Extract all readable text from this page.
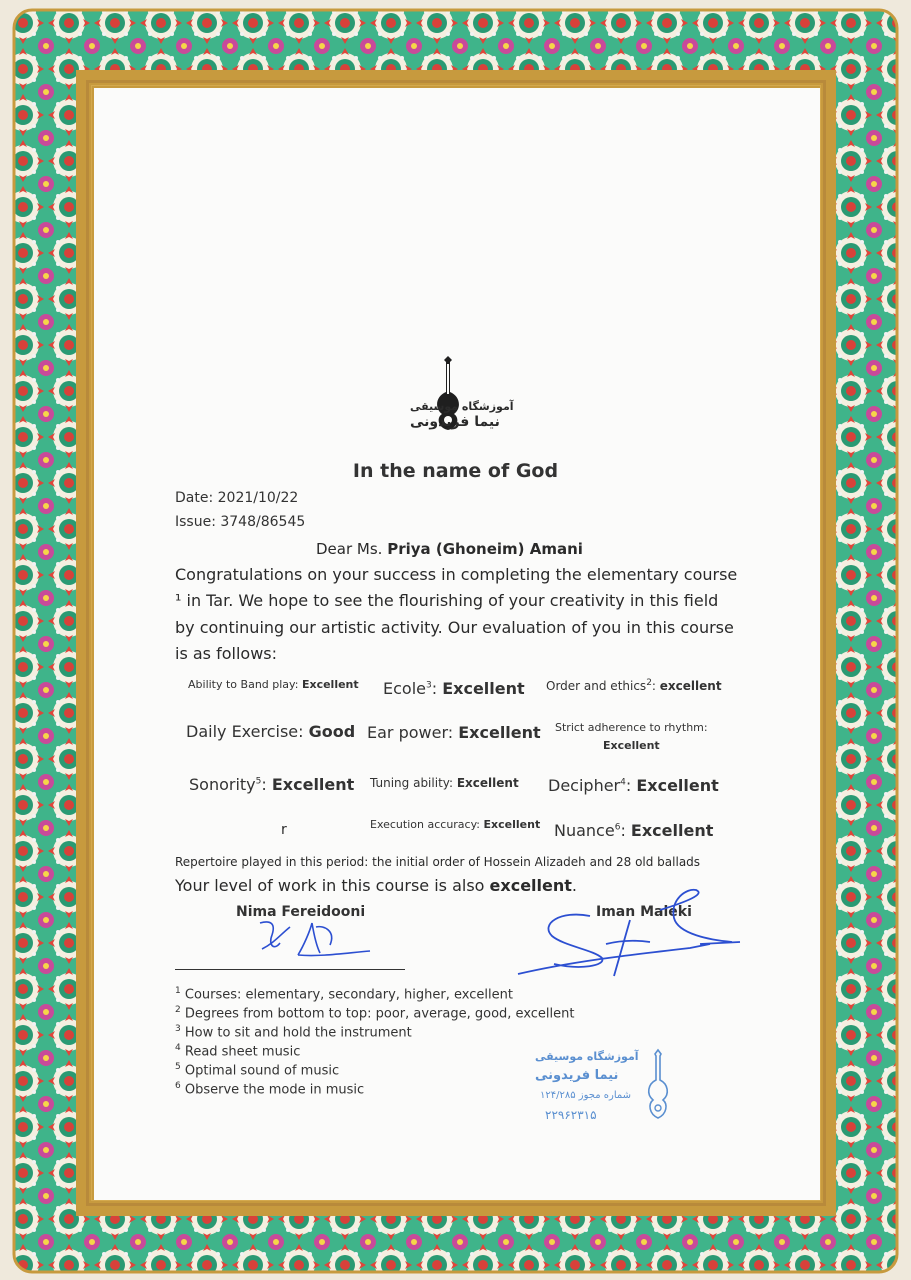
آموزشگاه موسیقی
نیما فریدونی
In the name of God
Date: 2021/10/22
Issue: 3748/86545
Dear Ms. Priya (Ghoneim) Amani
Congratulations on your success in completing the elementary course
¹ in Tar. We hope to see the flourishing of your creativity in this field
by continuing our artistic activity. Our evaluation of you in this course
is as follows:
Ability to Band play: Excellent Ecole$^3$: Excellent Order and ethics$^2$: excellent
Daily Exercise: Good Ear power: Excellent Strict adherence to rhythm:
Excellent
Sonority$^5$: Excellent Tuning ability: Excellent Decipher$^4$: Excellent
r	Execution accuracy: Excellent Nuance$^6$: Excellent
Repertoire played in this period: the initial order of Hossein Alizadeh and 28 old ballads
Your level of work in this course is also excellent.
Nima Fereidooni	Iman Maleki
$^1$ Courses: elementary, secondary, higher, excellent
$^2$ Degrees from bottom to top: poor, average, good, excellent
$^3$ How to sit and hold the instrument
$^4$ Read sheet music
$^5$ Optimal sound of music
$^6$ Observe the mode in music
آموزشگاه موسیقی
نیما فریدونی
شماره مجوز ۱۲۴/۲۸۵
۲۲۹۶۲۳۱۵
